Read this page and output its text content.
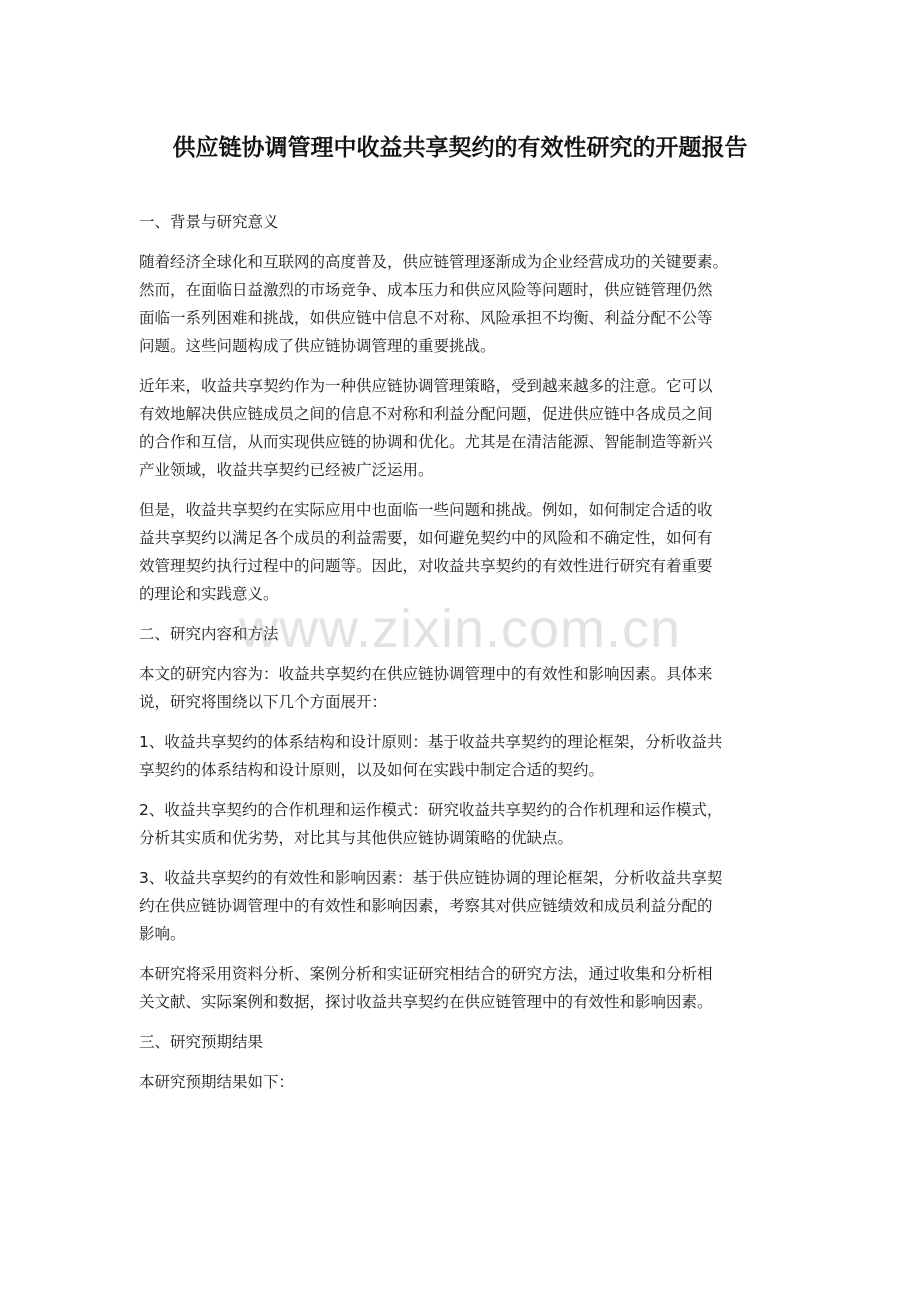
供应链协调管理中收益共享契约的有效性研究的开题报告
一、背景与研究意义
随着经济全球化和互联网的高度普及，供应链管理逐渐成为企业经营成功的关键要素。
然而，在面临日益激烈的市场竞争、成本压力和供应风险等问题时，供应链管理仍然
面临一系列困难和挑战，如供应链中信息不对称、风险承担不均衡、利益分配不公等
问题。这些问题构成了供应链协调管理的重要挑战。
近年来，收益共享契约作为一种供应链协调管理策略，受到越来越多的注意。它可以
有效地解决供应链成员之间的信息不对称和利益分配问题，促进供应链中各成员之间
的合作和互信，从而实现供应链的协调和优化。尤其是在清洁能源、智能制造等新兴
产业领域，收益共享契约已经被广泛运用。
但是，收益共享契约在实际应用中也面临一些问题和挑战。例如，如何制定合适的收
益共享契约以满足各个成员的利益需要，如何避免契约中的风险和不确定性，如何有
效管理契约执行过程中的问题等。因此，对收益共享契约的有效性进行研究有着重要
的理论和实践意义。
二、研究内容和方法
本文的研究内容为：收益共享契约在供应链协调管理中的有效性和影响因素。具体来
说，研究将围绕以下几个方面展开：
1、收益共享契约的体系结构和设计原则：基于收益共享契约的理论框架，分析收益共
享契约的体系结构和设计原则，以及如何在实践中制定合适的契约。
2、收益共享契约的合作机理和运作模式：研究收益共享契约的合作机理和运作模式，
分析其实质和优劣势，对比其与其他供应链协调策略的优缺点。
3、收益共享契约的有效性和影响因素：基于供应链协调的理论框架，分析收益共享契
约在供应链协调管理中的有效性和影响因素，考察其对供应链绩效和成员利益分配的
影响。
本研究将采用资料分析、案例分析和实证研究相结合的研究方法，通过收集和分析相
关文献、实际案例和数据，探讨收益共享契约在供应链管理中的有效性和影响因素。
三、研究预期结果
本研究预期结果如下：
www.zixin.com.cn
